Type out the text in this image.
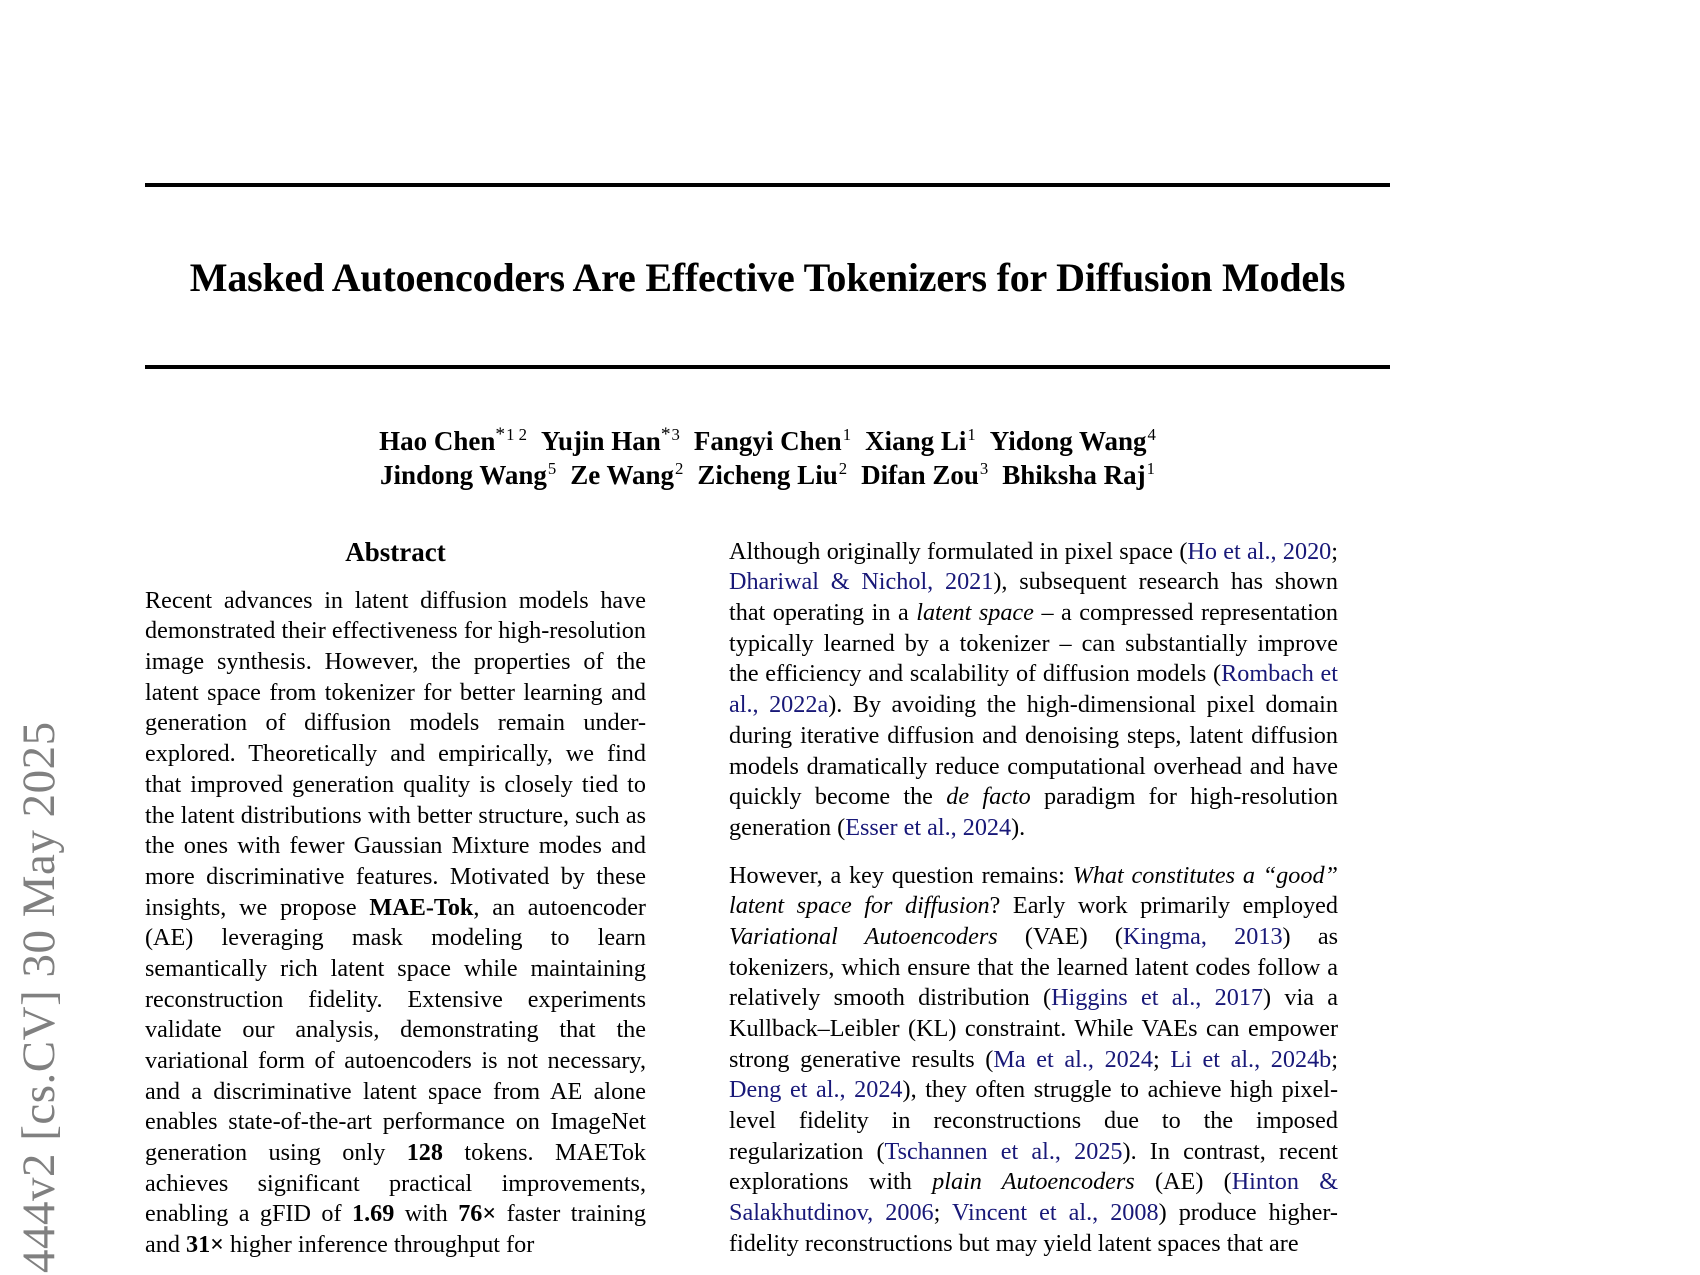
444v2 [cs.CV] 30 May 2025
Masked Autoencoders Are Effective Tokenizers for Diffusion Models
Hao Chen$^{*1 2}$ Yujin Han$^{*3}$ Fangyi Chen$^1$ Xiang Li$^1$ Yidong Wang$^4$
Jindong Wang$^5$ Ze Wang$^2$ Zicheng Liu$^2$ Difan Zou$^3$ Bhiksha Raj$^1$
Abstract

Recent advances in latent diffusion models have demonstrated their effectiveness for high-resolution image synthesis. However, the properties of the latent space from tokenizer for better learning and generation of diffusion models remain under-explored. Theoretically and empirically, we find that improved generation quality is closely tied to the latent distributions with better structure, such as the ones with fewer Gaussian Mixture modes and more discriminative features. Motivated by these insights, we propose MAE-Tok, an autoencoder (AE) leveraging mask modeling to learn semantically rich latent space while maintaining reconstruction fidelity. Extensive experiments validate our analysis, demonstrating that the variational form of autoencoders is not necessary, and a discriminative latent space from AE alone enables state-of-the-art performance on ImageNet generation using only 128 tokens. MAETok achieves significant practical improvements, enabling a gFID of 1.69 with 76× faster training and 31× higher inference throughput for

Although originally formulated in pixel space (Ho et al., 2020; Dhariwal & Nichol, 2021), subsequent research has shown that operating in a latent space – a compressed representation typically learned by a tokenizer – can substantially improve the efficiency and scalability of diffusion models (Rombach et al., 2022a). By avoiding the high-dimensional pixel domain during iterative diffusion and denoising steps, latent diffusion models dramatically reduce computational overhead and have quickly become the de facto paradigm for high-resolution generation (Esser et al., 2024).

However, a key question remains: What constitutes a “good” latent space for diffusion? Early work primarily employed Variational Autoencoders (VAE) (Kingma, 2013) as tokenizers, which ensure that the learned latent codes follow a relatively smooth distribution (Higgins et al., 2017) via a Kullback–Leibler (KL) constraint. While VAEs can empower strong generative results (Ma et al., 2024; Li et al., 2024b; Deng et al., 2024), they often struggle to achieve high pixel-level fidelity in reconstructions due to the imposed regularization (Tschannen et al., 2025). In contrast, recent explorations with plain Autoencoders (AE) (Hinton & Salakhutdinov, 2006; Vincent et al., 2008) produce higher-fidelity reconstructions but may yield latent spaces that are
